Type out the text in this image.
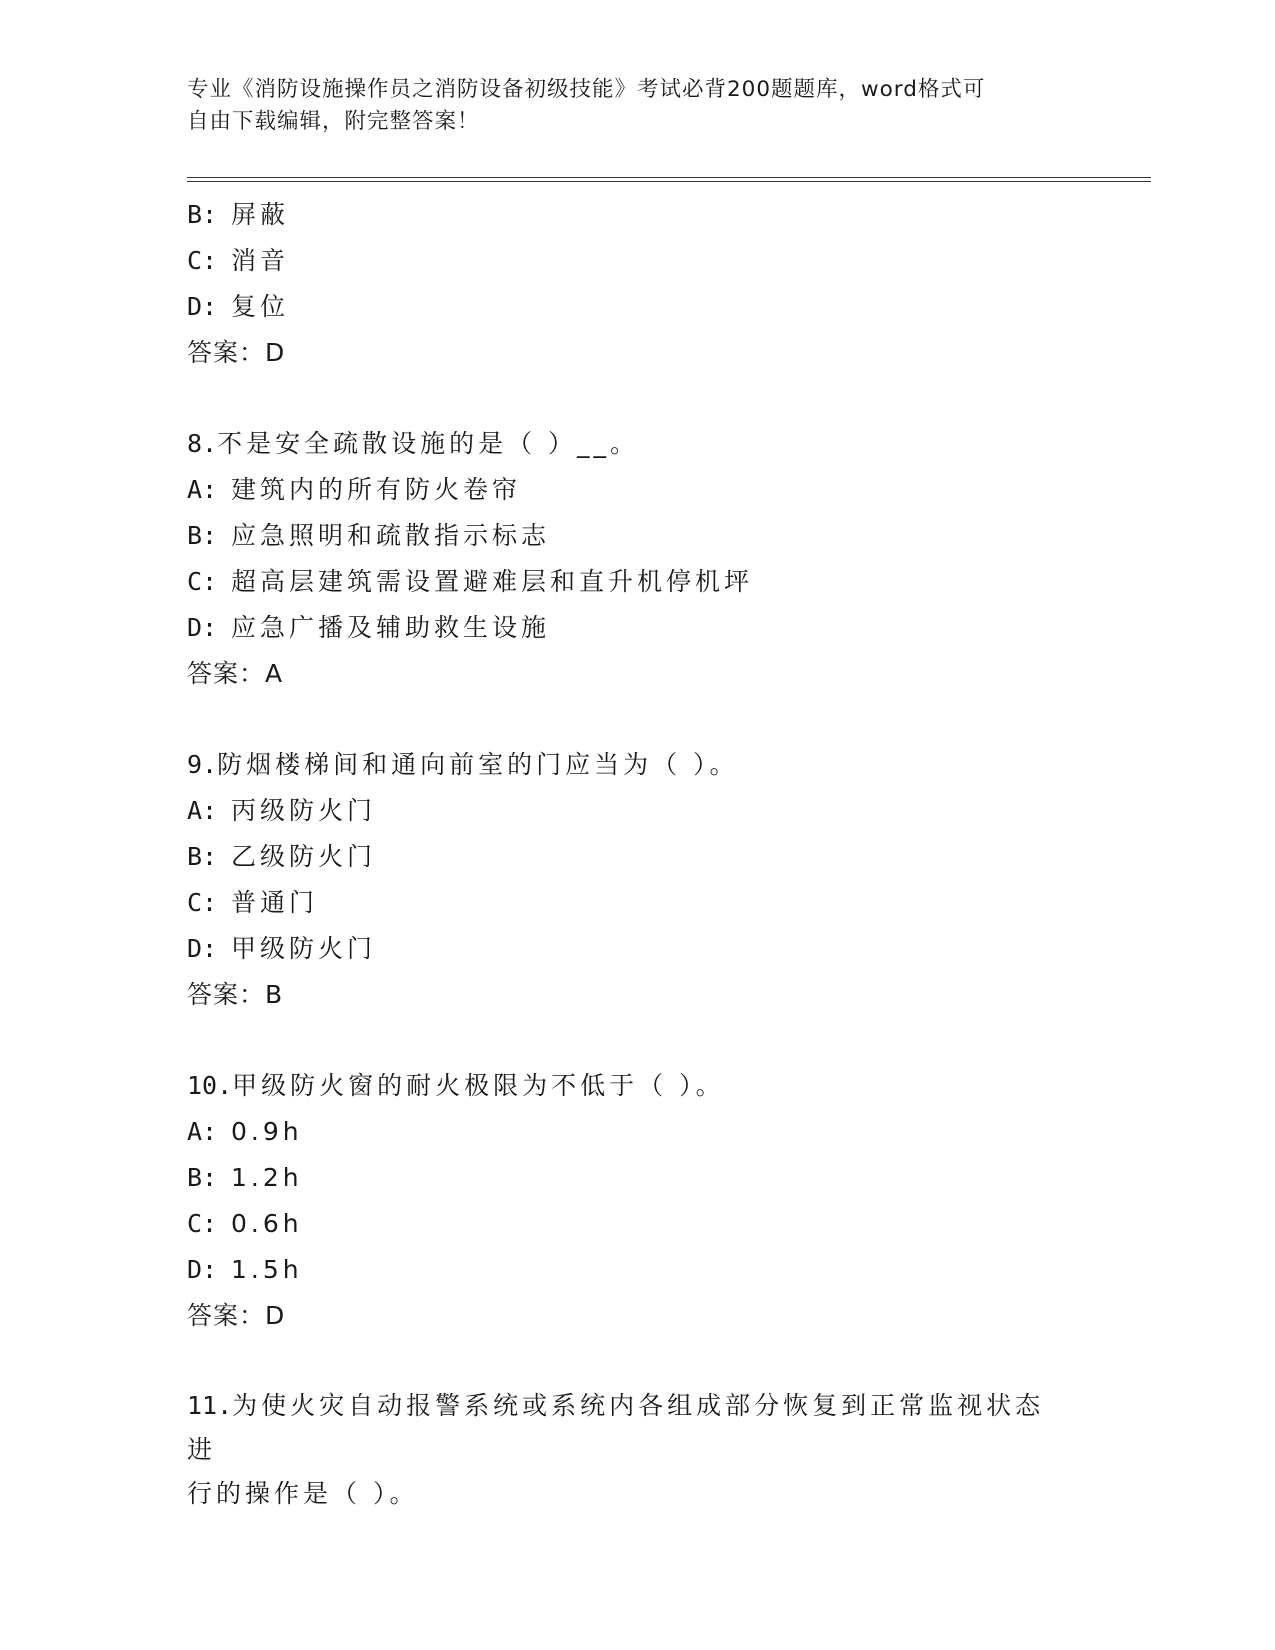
专业《消防设施操作员之消防设备初级技能》考试必背200题题库，word格式可
自由下载编辑，附完整答案！
B: 屏蔽
C: 消音
D: 复位
答案：D
8.不是安全疏散设施的是（ ）__。
A: 建筑内的所有防火卷帘
B: 应急照明和疏散指示标志
C: 超高层建筑需设置避难层和直升机停机坪
D: 应急广播及辅助救生设施
答案：A
9.防烟楼梯间和通向前室的门应当为（ ）。
A: 丙级防火门
B: 乙级防火门
C: 普通门
D: 甲级防火门
答案：B
10.甲级防火窗的耐火极限为不低于（ ）。
A: 0.9h
B: 1.2h
C: 0.6h
D: 1.5h
答案：D
11.为使火灾自动报警系统或系统内各组成部分恢复到正常监视状态进
行的操作是（ ）。
